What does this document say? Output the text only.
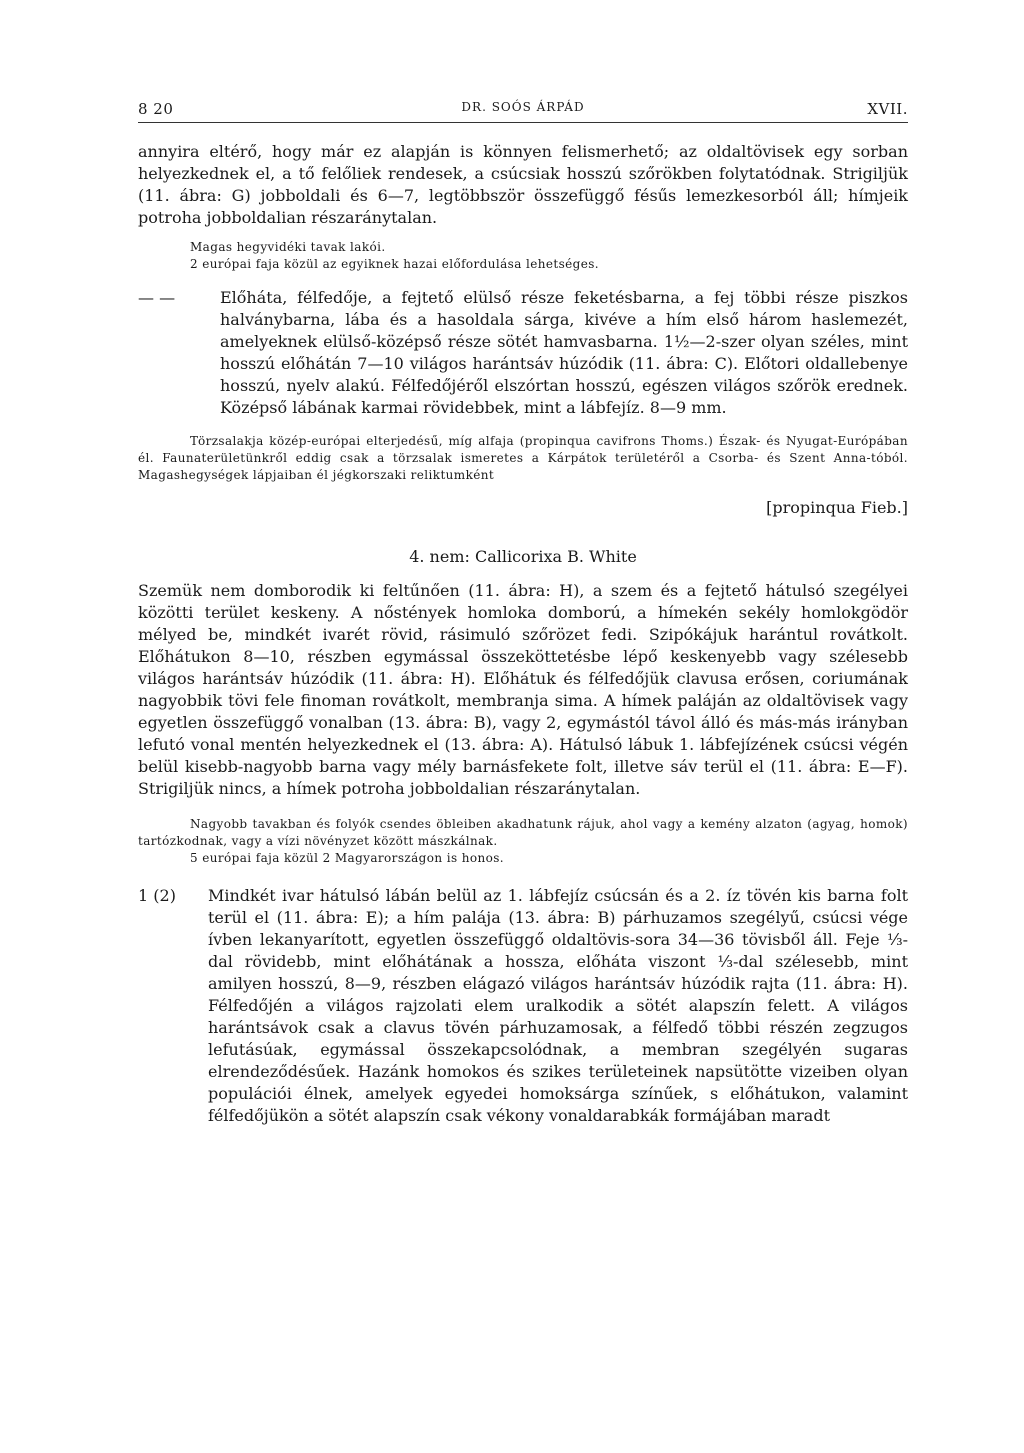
8 20	DR. SOÓS ÁRPÁD	XVII.

annyira eltérő, hogy már ez alapján is könnyen felismerhető; az oldaltövisek egy sorban helyezkednek el, a tő felőliek rendesek, a csúcsiak hosszú szőrökben folytatódnak. Strigiljük (11. ábra: G) jobboldali és 6—7, legtöbbször összefüggő fésűs lemezkesorból áll; hímjeik potroha jobboldalian részaránytalan.

Magas hegyvidéki tavak lakói.

2 európai faja közül az egyiknek hazai előfordulása lehetséges.

— —	Előháta, félfedője, a fejtető elülső része feketésbarna, a fej többi része piszkos halványbarna, lába és a hasoldala sárga, kivéve a hím első három haslemezét, amelyeknek elülső-középső része sötét hamvasbarna. 1½—2-szer olyan széles, mint hosszú előhátán 7—10 világos harántsáv húzódik (11. ábra: C). Előtori oldallebenye hosszú, nyelv alakú. Félfedőjéről elszórtan hosszú, egészen világos szőrök erednek. Középső lábának karmai rövidebbek, mint a lábfejíz. 8—9 mm.

Törzsalakja közép-európai elterjedésű, míg alfaja (propinqua cavifrons Thoms.) Észak- és Nyugat-Európában él. Faunaterületünkről eddig csak a törzsalak ismeretes a Kárpátok területéről a Csorba- és Szent Anna-tóból. Magashegységek lápjaiban él jégkorszaki reliktumként

[propinqua Fieb.]

4. nem: Callicorixa B. White

Szemük nem domborodik ki feltűnően (11. ábra: H), a szem és a fejtető hátulsó szegélyei közötti terület keskeny. A nőstények homloka domború, a hímekén sekély homlokgödör mélyed be, mindkét ivarét rövid, rásimuló szőrözet fedi. Szipókájuk harántul rovátkolt. Előhátukon 8—10, részben egymással összeköttetésbe lépő keskenyebb vagy szélesebb világos harántsáv húzódik (11. ábra: H). Előhátuk és félfedőjük clavusa erősen, coriumának nagyobbik tövi fele finoman rovátkolt, membranja sima. A hímek paláján az oldaltövisek vagy egyetlen összefüggő vonalban (13. ábra: B), vagy 2, egymástól távol álló és más-más irányban lefutó vonal mentén helyezkednek el (13. ábra: A). Hátulsó lábuk 1. lábfejízének csúcsi végén belül kisebb-nagyobb barna vagy mély barnásfekete folt, illetve sáv terül el (11. ábra: E—F). Strigiljük nincs, a hímek potroha jobboldalian részaránytalan.

Nagyobb tavakban és folyók csendes öbleiben akadhatunk rájuk, ahol vagy a kemény alzaton (agyag, homok) tartózkodnak, vagy a vízi növényzet között mászkálnak.

5 európai faja közül 2 Magyarországon is honos.

1 (2)	Mindkét ivar hátulsó lábán belül az 1. lábfejíz csúcsán és a 2. íz tövén kis barna folt terül el (11. ábra: E); a hím palája (13. ábra: B) párhuzamos szegélyű, csúcsi vége ívben lekanyarított, egyetlen összefüggő oldaltövis-sora 34—36 tövisből áll. Feje ⅓-dal rövidebb, mint előhátának a hossza, előháta viszont ⅓-dal szélesebb, mint amilyen hosszú, 8—9, részben elágazó világos harántsáv húzódik rajta (11. ábra: H). Félfedőjén a világos rajzolati elem uralkodik a sötét alapszín felett. A világos harántsávok csak a clavus tövén párhuzamosak, a félfedő többi részén zegzugos lefutásúak, egymással összekapcsolódnak, a membran szegélyén sugaras elrendeződésűek. Hazánk homokos és szikes területeinek napsütötte vizeiben olyan populációi élnek, amelyek egyedei homoksárga színűek, s előhátukon, valamint félfedőjükön a sötét alapszín csak vékony vonaldarabkák formájában maradt
